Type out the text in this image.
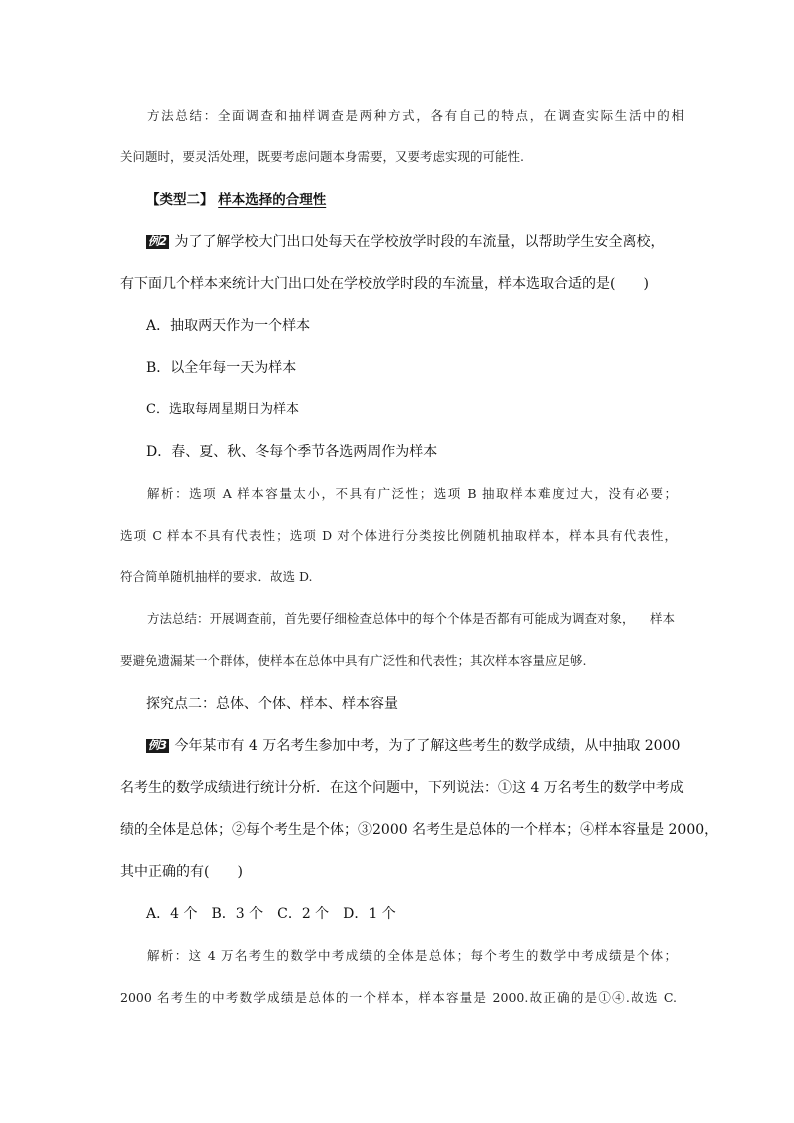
方法总结：全面调查和抽样调查是两种方式，各有自己的特点，在调查实际生活中的相
关问题时，要灵活处理，既要考虑问题本身需要，又要考虑实现的可能性.
【类型二】 样本选择的合理性
例2 为了了解学校大门出口处每天在学校放学时段的车流量，以帮助学生安全离校，
有下面几个样本来统计大门出口处在学校放学时段的车流量，样本选取合适的是(　　)
A．抽取两天作为一个样本
B．以全年每一天为样本
C．选取每周星期日为样本
D．春、夏、秋、冬每个季节各选两周作为样本
解析：选项 A 样本容量太小，不具有广泛性；选项 B 抽取样本难度过大，没有必要；
选项 C 样本不具有代表性；选项 D 对个体进行分类按比例随机抽取样本，样本具有代表性，
符合简单随机抽样的要求．故选 D.
方法总结：开展调查前，首先要仔细检查总体中的每个个体是否都有可能成为调查对象， 样本
要避免遗漏某一个群体，使样本在总体中具有广泛性和代表性；其次样本容量应足够.
探究点二：总体、个体、样本、样本容量
例3 今年某市有 4 万名考生参加中考，为了了解这些考生的数学成绩，从中抽取 2000
名考生的数学成绩进行统计分析．在这个问题中，下列说法：①这 4 万名考生的数学中考成
绩的全体是总体；②每个考生是个体；③2000 名考生是总体的一个样本；④样本容量是 2000，
其中正确的有(　　)
A．4 个　B．3 个　C．2 个　D．1 个
解析：这 4 万名考生的数学中考成绩的全体是总体；每个考生的数学中考成绩是个体；
2000 名考生的中考数学成绩是总体的一个样本，样本容量是 2000.故正确的是①④.故选 C.
